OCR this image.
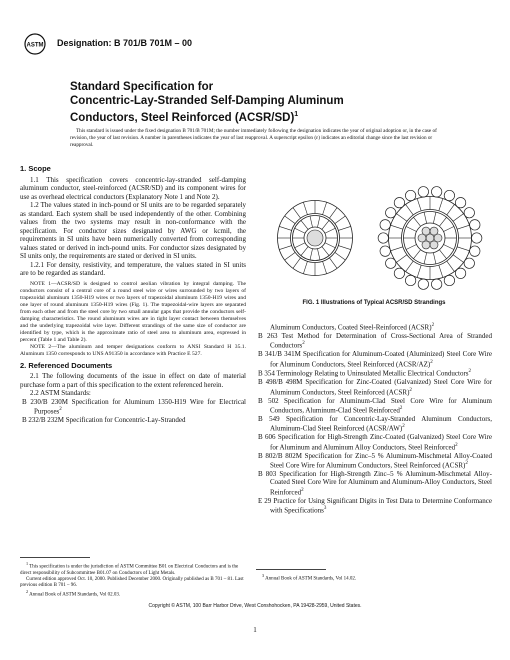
ASTM Designation: B 701/B 701M – 00
Standard Specification for
Concentric-Lay-Stranded Self-Damping Aluminum
Conductors, Steel Reinforced (ACSR/SD)$^1$
This standard is issued under the fixed designation B 701/B 701M; the number immediately following the designation indicates the year of original adoption or, in the case of revision, the year of last revision. A number in parentheses indicates the year of last reapproval. A superscript epsilon (ε) indicates an editorial change since the last revision or reapproval.

1. Scope

1.1 This specification covers concentric-lay-stranded self-damping aluminum conductor, steel-reinforced (ACSR/SD) and its component wires for use as overhead electrical conductors (Explanatory Note 1 and Note 2).

1.2 The values stated in inch-pound or SI units are to be regarded separately as standard. Each system shall be used independently of the other. Combining values from the two systems may result in non-conformance with the specification. For conductor sizes designated by AWG or kcmil, the requirements in SI units have been numerically converted from corresponding values stated or derived in inch-pound units. For conductor sizes designated by SI units only, the requirements are stated or derived in SI units.

1.2.1 For density, resistivity, and temperature, the values stated in SI units are to be regarded as standard.

NOTE 1—ACSR/SD is designed to control aeolian vibration by integral damping. The conductors consist of a central core of a round steel wire or wires surrounded by two layers of trapezoidal aluminum 1350-H19 wires or two layers of trapezoidal aluminum 1350-H19 wires and one layer of round aluminum 1350-H19 wires (Fig. 1). The trapezoidal-wire layers are separated from each other and from the steel core by two small annular gaps that provide the conductors self-damping characteristics. The round aluminum wires are in tight layer contact between themselves and the underlying trapezoidal wire layer. Different strandings of the same size of conductor are identified by type, which is the approximate ratio of steel area to aluminum area, expressed in percent (Table 1 and Table 2).

NOTE 2—The aluminum and temper designations conform to ANSI Standard H 35.1. Aluminum 1350 corresponds to UNS A91350 in accordance with Practice E 527.

2. Referenced Documents

2.1 The following documents of the issue in effect on date of material purchase form a part of this specification to the extent referenced herein.

2.2 ASTM Standards:

B 230/B 230M Specification for Aluminum 1350-H19 Wire for Electrical Purposes$^2$

B 232/B 232M Specification for Concentric-Lay-Stranded

FIG. 1 Illustrations of Typical ACSR/SD Strandings

Aluminum Conductors, Coated Steel-Reinforced (ACSR)$^2$

B 263 Test Method for Determination of Cross-Sectional Area of Stranded Conductors$^2$

B 341/B 341M Specification for Aluminum-Coated (Aluminized) Steel Core Wire for Aluminum Conductors, Steel Reinforced (ACSR/AZ)$^2$

B 354 Terminology Relating to Uninsulated Metallic Electrical Conductors$^2$

B 498/B 498M Specification for Zinc-Coated (Galvanized) Steel Core Wire for Aluminum Conductors, Steel Reinforced (ACSR)$^2$

B 502 Specification for Aluminum-Clad Steel Core Wire for Aluminum Conductors, Aluminum-Clad Steel Reinforced$^2$

B 549 Specification for Concentric-Lay-Stranded Aluminum Conductors, Aluminum-Clad Steel Reinforced (ACSR/AW)$^2$

B 606 Specification for High-Strength Zinc-Coated (Galvanized) Steel Core Wire for Aluminum and Aluminum Alloy Conductors, Steel Reinforced$^2$

B 802/B 802M Specification for Zinc–5 % Aluminum-Mischmetal Alloy-Coated Steel Core Wire for Aluminum Conductors, Steel Reinforced (ACSR)$^2$

B 803 Specification for High-Strength Zinc–5 % Aluminum-Mischmetal Alloy-Coated Steel Core Wire for Aluminum and Aluminum-Alloy Conductors, Steel Reinforced$^2$

E 29 Practice for Using Significant Digits in Test Data to Determine Conformance with Specifications$^3$

$^1$ This specification is under the jurisdiction of ASTM Committee B01 on Electrical Conductors and is the direct responsibility of Subcommittee B01.07 on Conductors of Light Metals.

Current edition approved Oct. 10, 2000. Published December 2000. Originally published as B 701 – 81. Last previous edition B 701 – 96.

$^2$ Annual Book of ASTM Standards, Vol 02.03.

$^3$ Annual Book of ASTM Standards, Vol 14.02.

Copyright © ASTM, 100 Barr Harbor Drive, West Conshohocken, PA 19428-2959, United States.
1
